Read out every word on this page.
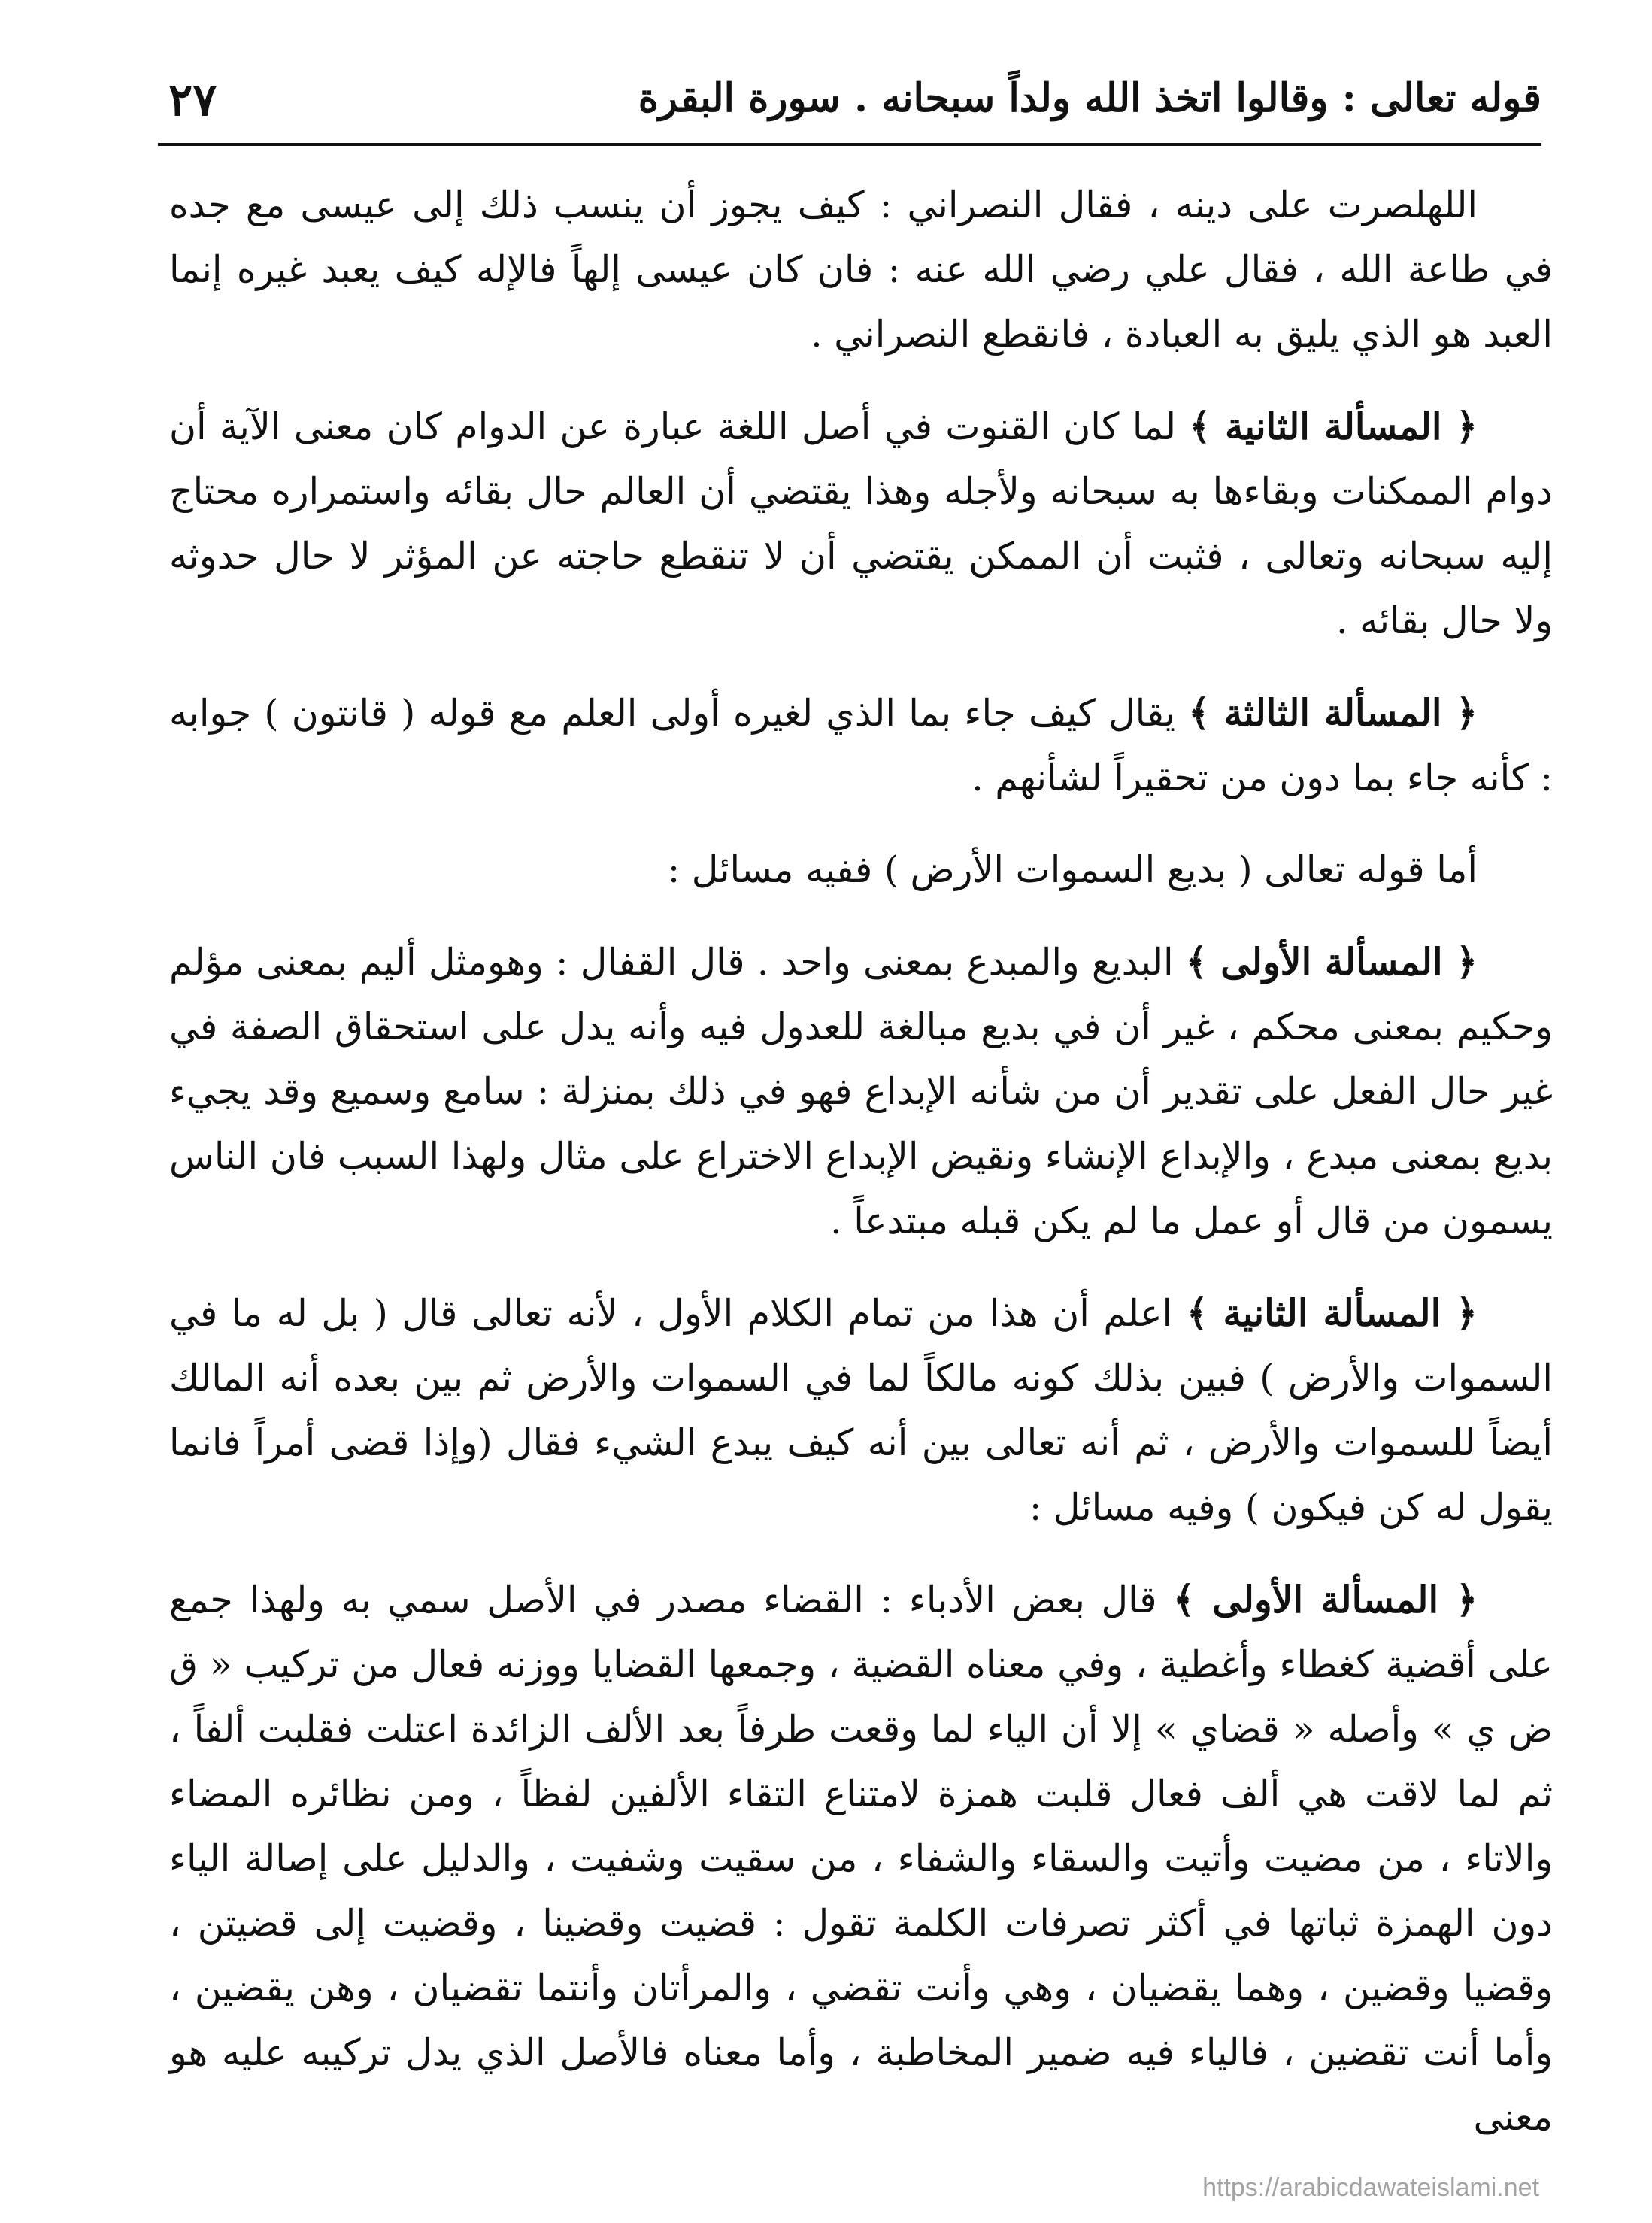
٢٧	قوله تعالى : وقالوا اتخذ الله ولداً سبحانه . سورة البقرة

اللهلصرت على دينه ، فقال النصراني : كيف يجوز أن ينسب ذلك إلى عيسى مع جده في طاعة الله ، فقال علي رضي الله عنه : فان كان عيسى إلهاً فالإله كيف يعبد غيره إنما العبد هو الذي يليق به العبادة ، فانقطع النصراني .

﴿ المسألة الثانية ﴾ لما كان القنوت في أصل اللغة عبارة عن الدوام كان معنى الآية أن دوام الممكنات وبقاءها به سبحانه ولأجله وهذا يقتضي أن العالم حال بقائه واستمراره محتاج إليه سبحانه وتعالى ، فثبت أن الممكن يقتضي أن لا تنقطع حاجته عن المؤثر لا حال حدوثه ولا حال بقائه .

﴿ المسألة الثالثة ﴾ يقال كيف جاء بما الذي لغيره أولى العلم مع قوله ( قانتون ) جوابه : كأنه جاء بما دون من تحقيراً لشأنهم .

أما قوله تعالى ( بديع السموات الأرض ) ففيه مسائل :

﴿ المسألة الأولى ﴾ البديع والمبدع بمعنى واحد . قال القفال : وهومثل أليم بمعنى مؤلم وحكيم بمعنى محكم ، غير أن في بديع مبالغة للعدول فيه وأنه يدل على استحقاق الصفة في غير حال الفعل على تقدير أن من شأنه الإبداع فهو في ذلك بمنزلة : سامع وسميع وقد يجيء بديع بمعنى مبدع ، والإبداع الإنشاء ونقيض الإبداع الاختراع على مثال ولهذا السبب فان الناس يسمون من قال أو عمل ما لم يكن قبله مبتدعاً .

﴿ المسألة الثانية ﴾ اعلم أن هذا من تمام الكلام الأول ، لأنه تعالى قال ( بل له ما في السموات والأرض ) فبين بذلك كونه مالكاً لما في السموات والأرض ثم بين بعده أنه المالك أيضاً للسموات والأرض ، ثم أنه تعالى بين أنه كيف يبدع الشيء فقال (وإذا قضى أمراً فانما يقول له كن فيكون ) وفيه مسائل :

﴿ المسألة الأولى ﴾ قال بعض الأدباء : القضاء مصدر في الأصل سمي به ولهذا جمع على أقضية كغطاء وأغطية ، وفي معناه القضية ، وجمعها القضايا ووزنه فعال من تركيب « ق ض ي » وأصله « قضاي » إلا أن الياء لما وقعت طرفاً بعد الألف الزائدة اعتلت فقلبت ألفاً ، ثم لما لاقت هي ألف فعال قلبت همزة لامتناع التقاء الألفين لفظاً ، ومن نظائره المضاء والاتاء ، من مضيت وأتيت والسقاء والشفاء ، من سقيت وشفيت ، والدليل على إصالة الياء دون الهمزة ثباتها في أكثر تصرفات الكلمة تقول : قضيت وقضينا ، وقضيت إلى قضيتن ، وقضيا وقضين ، وهما يقضيان ، وهي وأنت تقضي ، والمرأتان وأنتما تقضيان ، وهن يقضين ، وأما أنت تقضين ، فالياء فيه ضمير المخاطبة ، وأما معناه فالأصل الذي يدل تركيبه عليه هو معنى

https://arabicdawateislami.net
